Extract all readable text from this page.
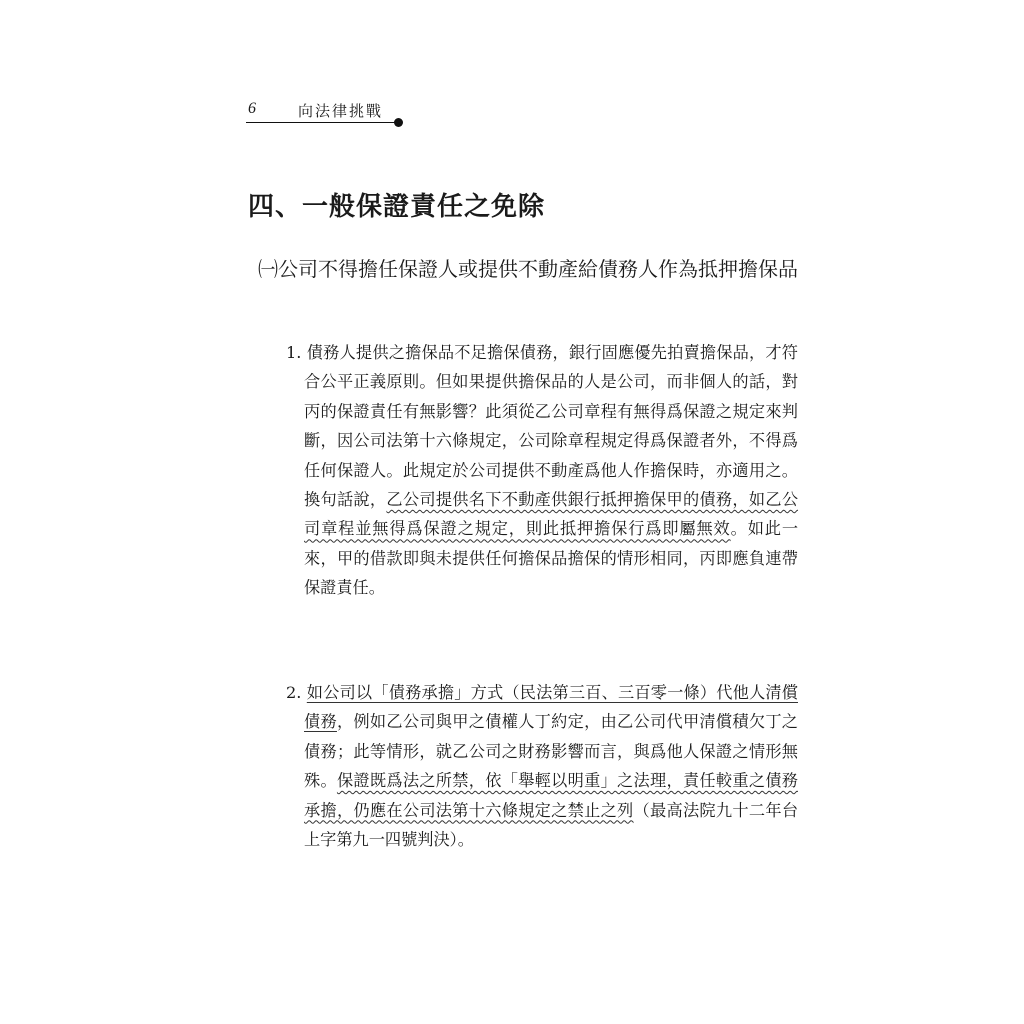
6	向法律挑戰
四、一般保證責任之免除
㈠公司不得擔任保證人或提供不動產給債務人作為抵押擔保品
1. 債務人提供之擔保品不足擔保債務，銀行固應優先拍賣擔保品，才符合公平正義原則。但如果提供擔保品的人是公司，而非個人的話，對丙的保證責任有無影響？此須從乙公司章程有無得爲保證之規定來判斷，因公司法第十六條規定，公司除章程規定得爲保證者外，不得爲任何保證人。此規定於公司提供不動產爲他人作擔保時，亦適用之。換句話說，乙公司提供名下不動產供銀行抵押擔保甲的債務，如乙公司章程並無得爲保證之規定，則此抵押擔保行爲即屬無效。如此一來，甲的借款即與未提供任何擔保品擔保的情形相同，丙即應負連帶保證責任。
2. 如公司以「債務承擔」方式（民法第三百、三百零一條）代他人清償債務，例如乙公司與甲之債權人丁約定，由乙公司代甲清償積欠丁之債務；此等情形，就乙公司之財務影響而言，與爲他人保證之情形無殊。保證既爲法之所禁，依「舉輕以明重」之法理，責任較重之債務承擔，仍應在公司法第十六條規定之禁止之列（最高法院九十二年台上字第九一四號判決）。
